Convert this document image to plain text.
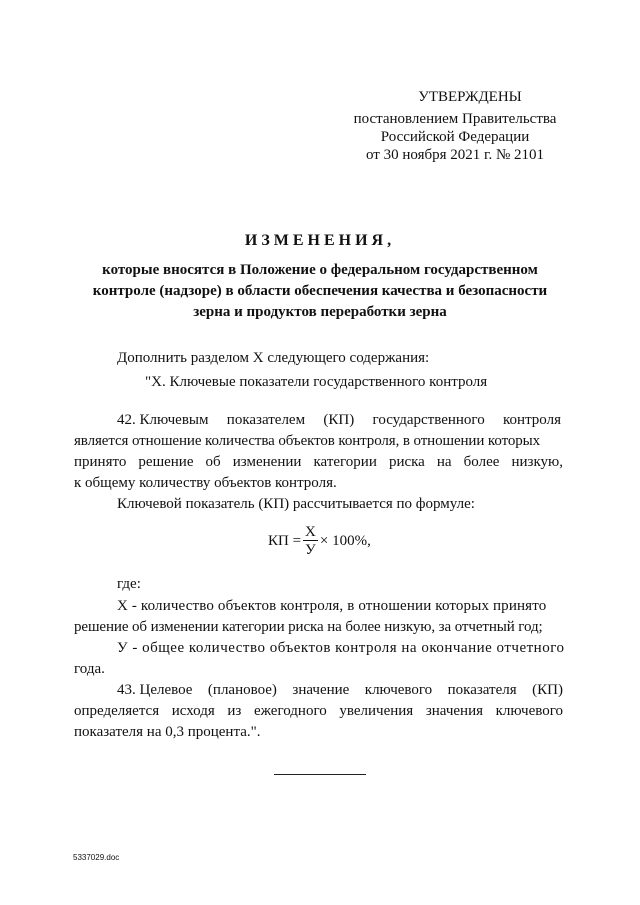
УТВЕРЖДЕНЫ
постановлением Правительства
Российской Федерации
от 30 ноября 2021 г. № 2101
ИЗМЕНЕНИЯ,
которые вносятся в Положение о федеральном государственном
контроле (надзоре) в области обеспечения качества и безопасности
зерна и продуктов переработки зерна
Дополнить разделом X следующего содержания:
"X. Ключевые показатели государственного контроля
42. Ключевым показателем (КП) государственного контроля
является отношение количества объектов контроля, в отношении которых
принято решение об изменении категории риска на более низкую,
к общему количеству объектов контроля.
Ключевой показатель (КП) рассчитывается по формуле:
КП = $\frac{X}{У} \times 100\%$,
где:
X - количество объектов контроля, в отношении которых принято
решение об изменении категории риска на более низкую, за отчетный год;
У - общее количество объектов контроля на окончание отчетного
года.
43. Целевое (плановое) значение ключевого показателя (КП)
определяется исходя из ежегодного увеличения значения ключевого
показателя на 0,3 процента.".
5337029.doc
